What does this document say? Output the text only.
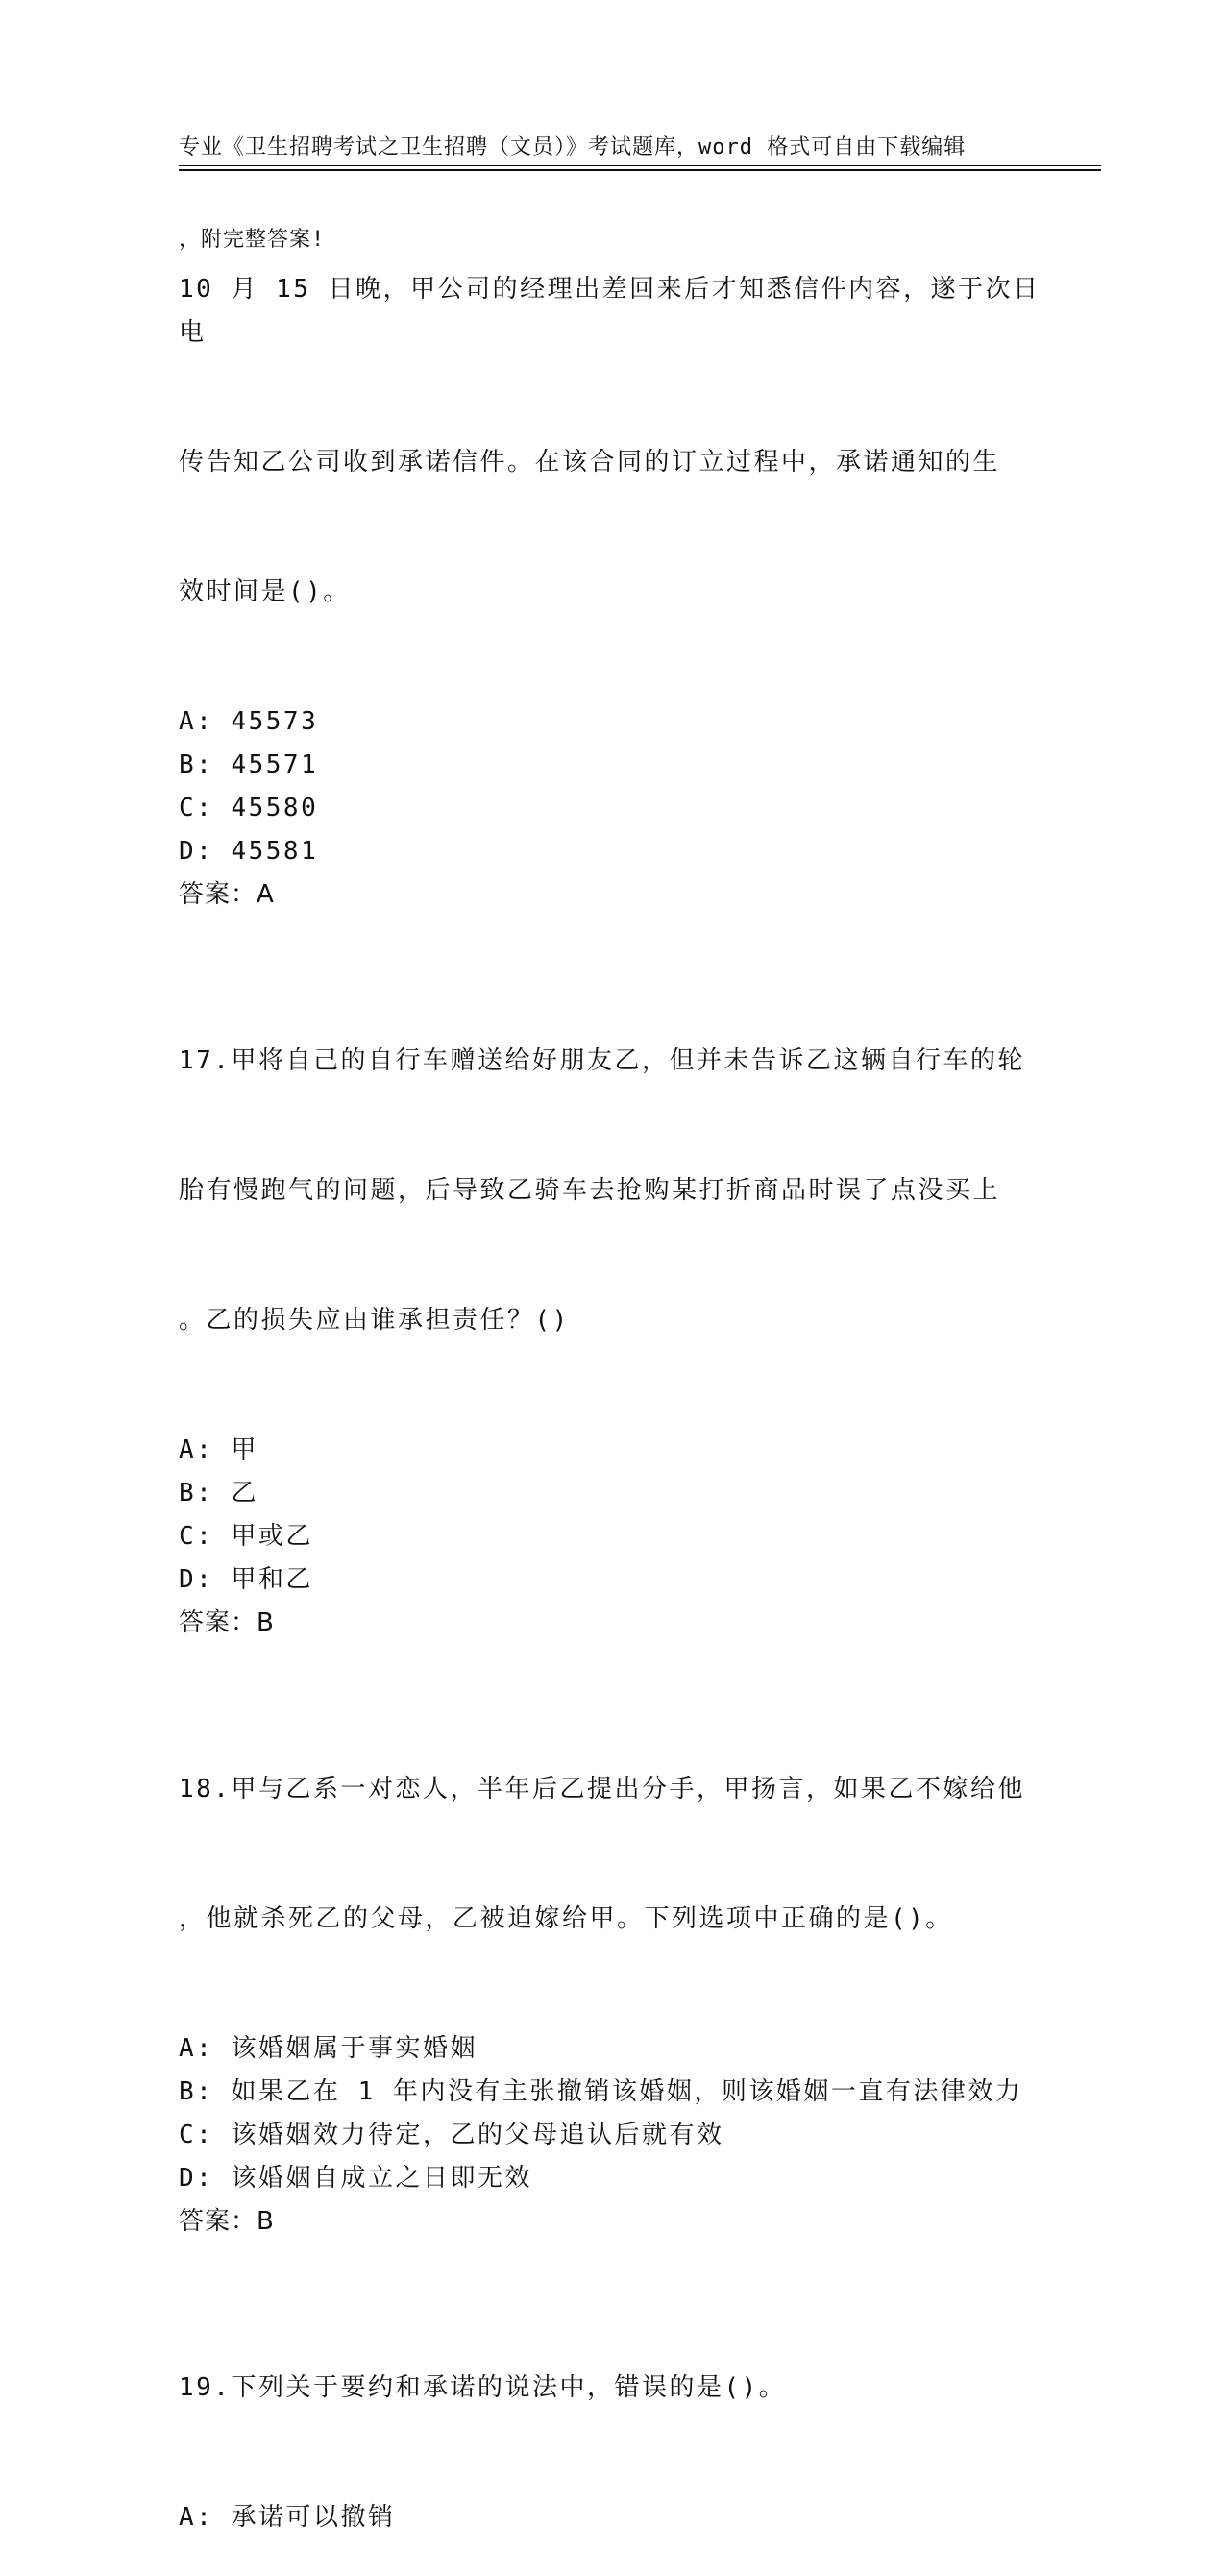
专业《卫生招聘考试之卫生招聘（文员）》考试题库，word 格式可自由下载编辑

，附完整答案!

10 月 15 日晚，甲公司的经理出差回来后才知悉信件内容，遂于次日电

传告知乙公司收到承诺信件。在该合同的订立过程中，承诺通知的生

效时间是()。

A: 45573
B: 45571
C: 45580
D: 45581
答案：A

17.甲将自己的自行车赠送给好朋友乙，但并未告诉乙这辆自行车的轮

胎有慢跑气的问题，后导致乙骑车去抢购某打折商品时误了点没买上

。乙的损失应由谁承担责任？()

A: 甲
B: 乙
C: 甲或乙
D: 甲和乙
答案：B

18.甲与乙系一对恋人，半年后乙提出分手，甲扬言，如果乙不嫁给他

，他就杀死乙的父母，乙被迫嫁给甲。下列选项中正确的是()。

A: 该婚姻属于事实婚姻
B: 如果乙在 1 年内没有主张撤销该婚姻，则该婚姻一直有法律效力
C: 该婚姻效力待定，乙的父母追认后就有效
D: 该婚姻自成立之日即无效
答案：B

19.下列关于要约和承诺的说法中，错误的是()。

A: 承诺可以撤销
